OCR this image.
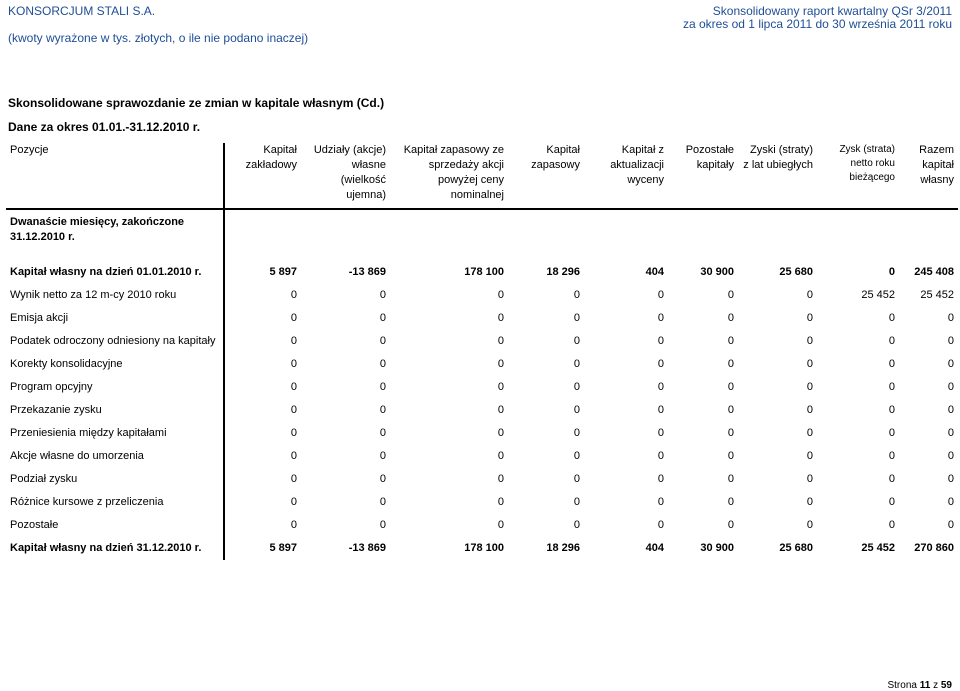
KONSORCJUM STALI S.A.
(kwoty wyrażone w tys. złotych, o ile nie podano inaczej)
Skonsolidowany raport kwartalny QSr 3/2011
za okres od 1 lipca 2011 do 30 września 2011 roku
Skonsolidowane sprawozdanie ze zmian w kapitale własnym (Cd.)
Dane za okres 01.01.-31.12.2010 r.
Pozycje	Kapitał zakładowy	Udziały (akcje) własne (wielkość ujemna)	Kapitał zapasowy ze sprzedaży akcji powyżej ceny nominalnej	Kapitał zapasowy	Kapitał z aktualizacji wyceny	Pozostałe kapitały	Zyski (straty) z lat ubiegłych	Zysk (strata) netto roku bieżącego	Razem kapitał własny
Dwanaście miesięcy, zakończone 31.12.2010 r.									
Kapitał własny na dzień 01.01.2010 r.	5 897	-13 869	178 100	18 296	404	30 900	25 680	0	245 408
Wynik netto za 12 m-cy 2010 roku	0	0	0	0	0	0	0	25 452	25 452
Emisja akcji	0	0	0	0	0	0	0	0	0
Podatek odroczony odniesiony na kapitały	0	0	0	0	0	0	0	0	0
Korekty konsolidacyjne	0	0	0	0	0	0	0	0	0
Program opcyjny	0	0	0	0	0	0	0	0	0
Przekazanie zysku	0	0	0	0	0	0	0	0	0
Przeniesienia między kapitałami	0	0	0	0	0	0	0	0	0
Akcje własne do umorzenia	0	0	0	0	0	0	0	0	0
Podział zysku	0	0	0	0	0	0	0	0	0
Różnice kursowe z przeliczenia	0	0	0	0	0	0	0	0	0
Pozostałe	0	0	0	0	0	0	0	0	0
Kapitał własny na dzień 31.12.2010 r.	5 897	-13 869	178 100	18 296	404	30 900	25 680	25 452	270 860
Strona 11 z 59
